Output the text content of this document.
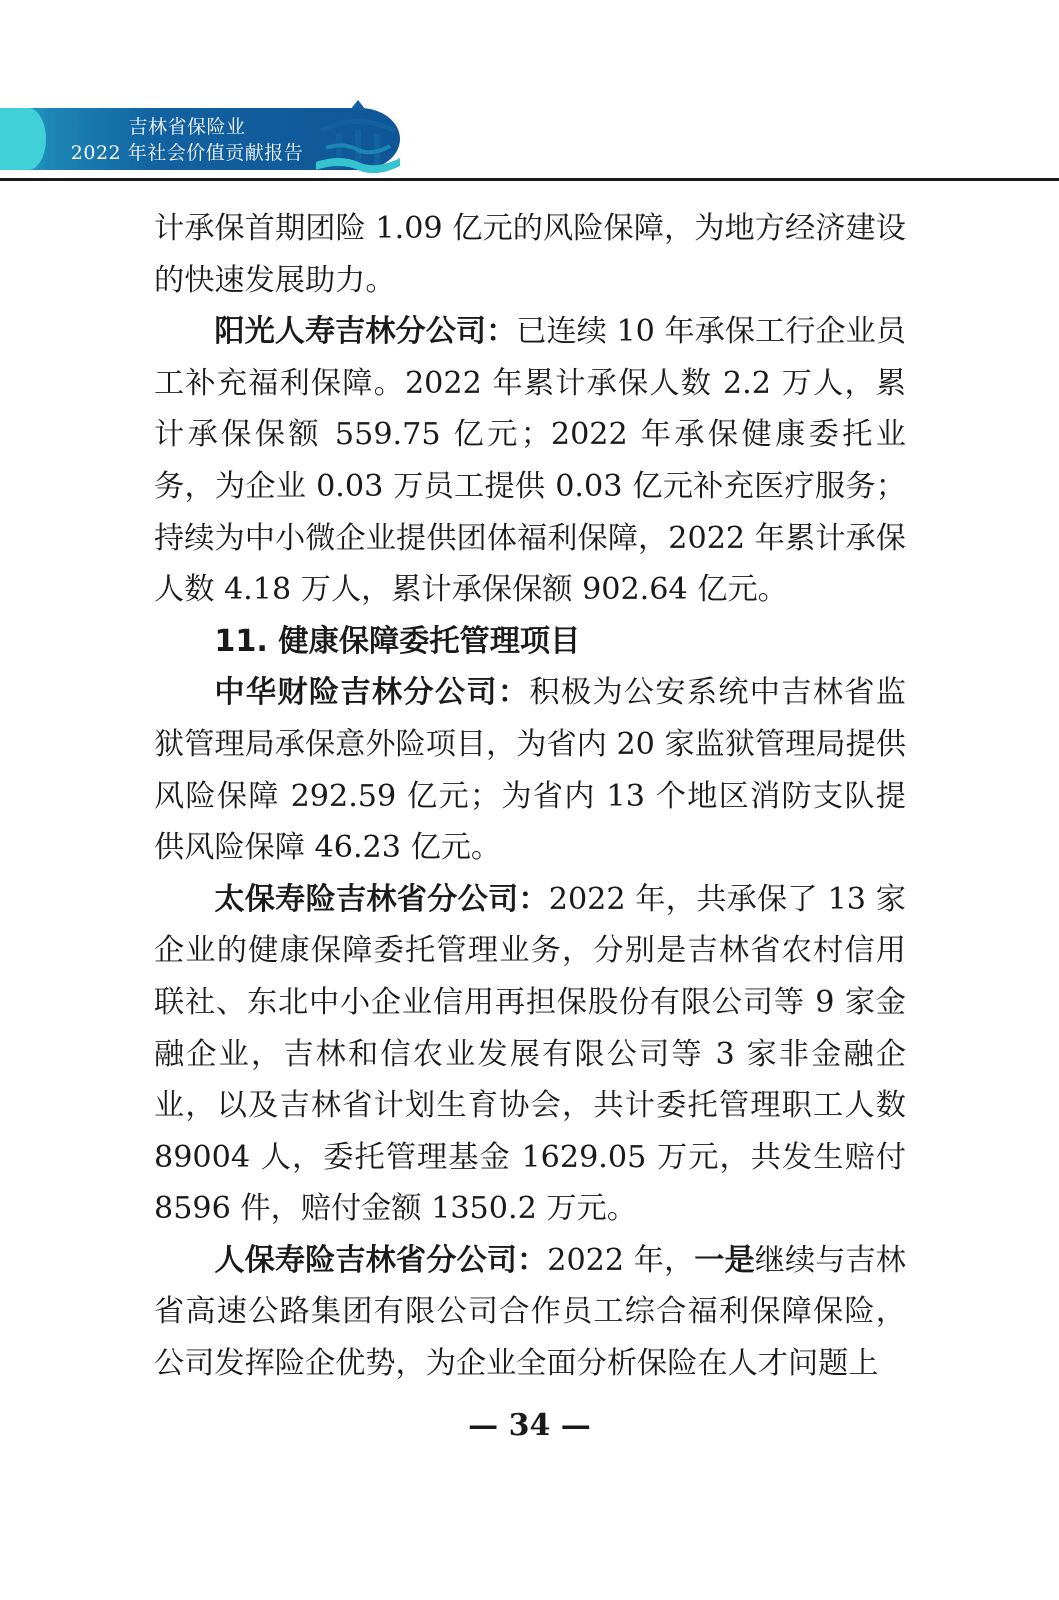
吉林省保险业
2022 年社会价值贡献报告

计承保首期团险 1.09 亿元的风险保障，为地方经济建设的快速发展助力。

阳光人寿吉林分公司：已连续 10 年承保工行企业员工补充福利保障。2022 年累计承保人数 2.2 万人，累计承保保额 559.75 亿元；2022 年承保健康委托业务，为企业 0.03 万员工提供 0.03 亿元补充医疗服务；持续为中小微企业提供团体福利保障，2022 年累计承保人数 4.18 万人，累计承保保额 902.64 亿元。

11. 健康保障委托管理项目

中华财险吉林分公司：积极为公安系统中吉林省监狱管理局承保意外险项目，为省内 20 家监狱管理局提供风险保障 292.59 亿元；为省内 13 个地区消防支队提供风险保障 46.23 亿元。

太保寿险吉林省分公司：2022 年，共承保了 13 家企业的健康保障委托管理业务，分别是吉林省农村信用联社、东北中小企业信用再担保股份有限公司等 9 家金融企业，吉林和信农业发展有限公司等 3 家非金融企业，以及吉林省计划生育协会，共计委托管理职工人数 89004 人，委托管理基金 1629.05 万元，共发生赔付 8596 件，赔付金额 1350.2 万元。

人保寿险吉林省分公司：2022 年，一是继续与吉林省高速公路集团有限公司合作员工综合福利保障保险，公司发挥险企优势，为企业全面分析保险在人才问题上

— 34 —
